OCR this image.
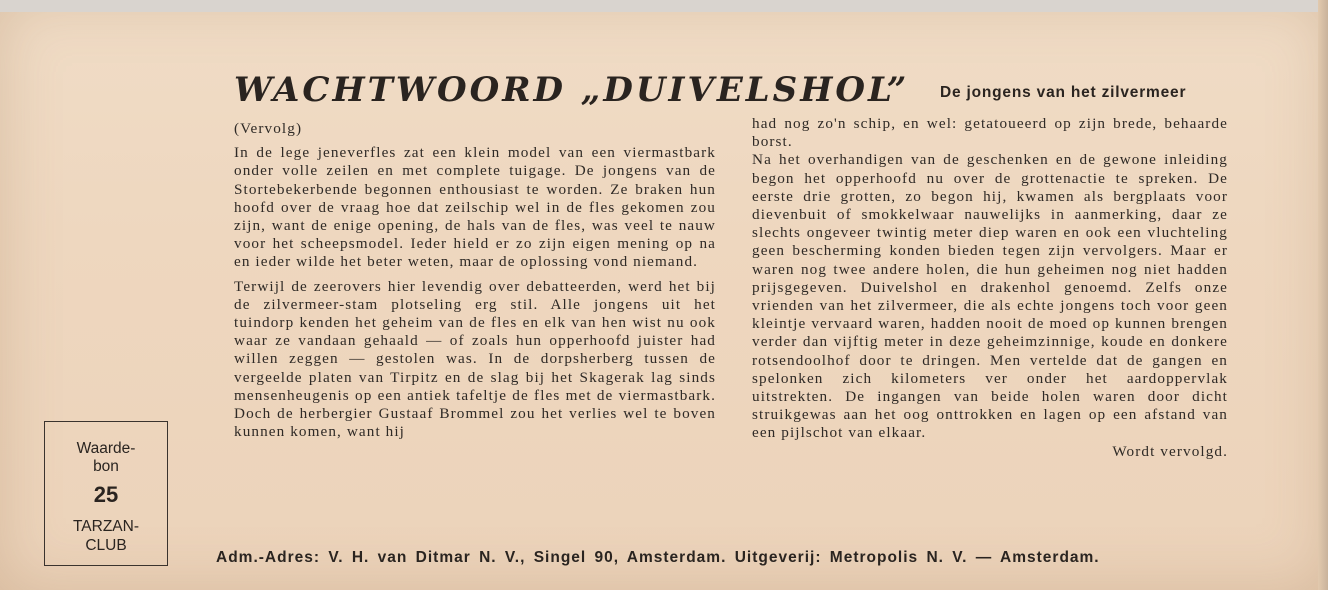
WACHTWOORD „DUIVELSHOL” De jongens van het zilvermeer

(Vervolg)

In de lege jeneverfles zat een klein model van een viermastbark onder volle zeilen en met complete tuigage. De jongens van de Stortebekerbende begonnen enthousiast te worden. Ze braken hun hoofd over de vraag hoe dat zeilschip wel in de fles gekomen zou zijn, want de enige opening, de hals van de fles, was veel te nauw voor het scheepsmodel. Ieder hield er zo zijn eigen mening op na en ieder wilde het beter weten, maar de oplossing vond niemand.

Terwijl de zeerovers hier levendig over debatteerden, werd het bij de zilvermeer-stam plotseling erg stil. Alle jongens uit het tuindorp kenden het geheim van de fles en elk van hen wist nu ook waar ze vandaan gehaald — of zoals hun opperhoofd juister had willen zeggen — gestolen was. In de dorpsherberg tussen de vergeelde platen van Tirpitz en de slag bij het Skagerak lag sinds mensenheugenis op een antiek tafeltje de fles met de viermastbark. Doch de herbergier Gustaaf Brommel zou het verlies wel te boven kunnen komen, want hij

had nog zo'n schip, en wel: getatoueerd op zijn brede, behaarde borst.

Na het overhandigen van de geschenken en de gewone inleiding begon het opperhoofd nu over de grottenactie te spreken. De eerste drie grotten, zo begon hij, kwamen als bergplaats voor dievenbuit of smokkelwaar nauwelijks in aanmerking, daar ze slechts ongeveer twintig meter diep waren en ook een vluchteling geen bescherming konden bieden tegen zijn vervolgers. Maar er waren nog twee andere holen, die hun geheimen nog niet hadden prijsgegeven. Duivelshol en drakenhol genoemd. Zelfs onze vrienden van het zilvermeer, die als echte jongens toch voor geen kleintje vervaard waren, hadden nooit de moed op kunnen brengen verder dan vijftig meter in deze geheimzinnige, koude en donkere rotsendoolhof door te dringen. Men vertelde dat de gangen en spelonken zich kilometers ver onder het aardoppervlak uitstrekten. De ingangen van beide holen waren door dicht struikgewas aan het oog onttrokken en lagen op een afstand van een pijlschot van elkaar.

Wordt vervolgd.
Waarde-
bon
25
TARZAN-
CLUB
Adm.-Adres: V. H. van Ditmar N. V., Singel 90, Amsterdam. Uitgeverij: Metropolis N. V. — Amsterdam.
